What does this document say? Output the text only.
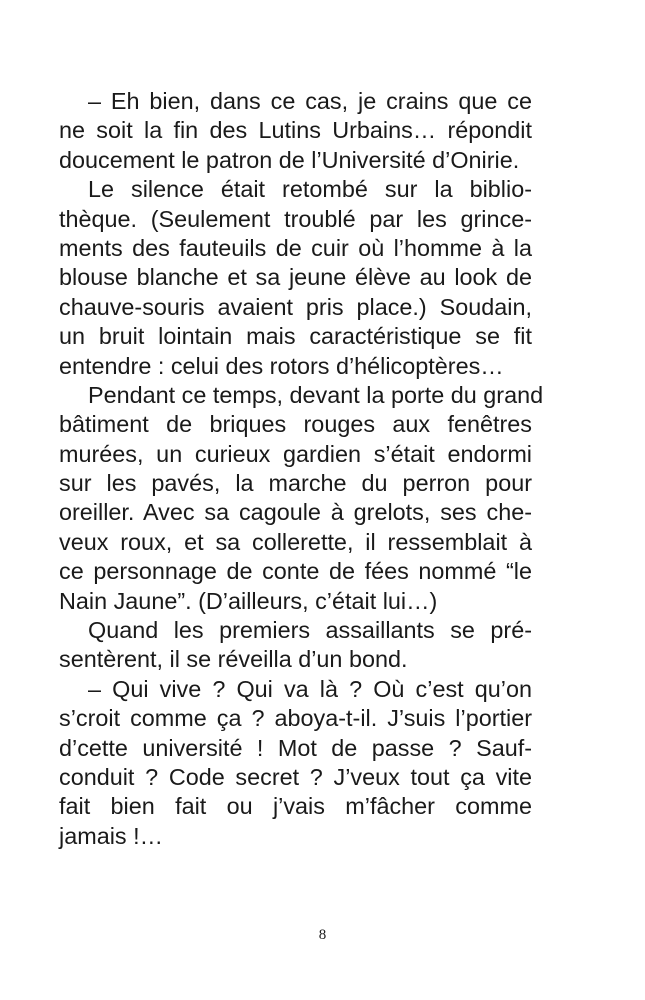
– Eh bien, dans ce cas, je crains que ce
ne soit la fin des Lutins Urbains… répondit
doucement le patron de l’Université d’Onirie.
Le silence était retombé sur la biblio-
thèque. (Seulement troublé par les grince-
ments des fauteuils de cuir où l’homme à la
blouse blanche et sa jeune élève au look de
chauve-souris avaient pris place.) Soudain,
un bruit lointain mais caractéristique se fit
entendre : celui des rotors d’hélicoptères…
Pendant ce temps, devant la porte du grand
bâtiment de briques rouges aux fenêtres
murées, un curieux gardien s’était endormi
sur les pavés, la marche du perron pour
oreiller. Avec sa cagoule à grelots, ses che-
veux roux, et sa collerette, il ressemblait à
ce personnage de conte de fées nommé “le
Nain Jaune”. (D’ailleurs, c’était lui…)
Quand les premiers assaillants se pré-
sentèrent, il se réveilla d’un bond.
– Qui vive ? Qui va là ? Où c’est qu’on
s’croit comme ça ? aboya-t-il. J’suis l’portier
d’cette université ! Mot de passe ? Sauf-
conduit ? Code secret ? J’veux tout ça vite
fait bien fait ou j’vais m’fâcher comme
jamais !…
8
